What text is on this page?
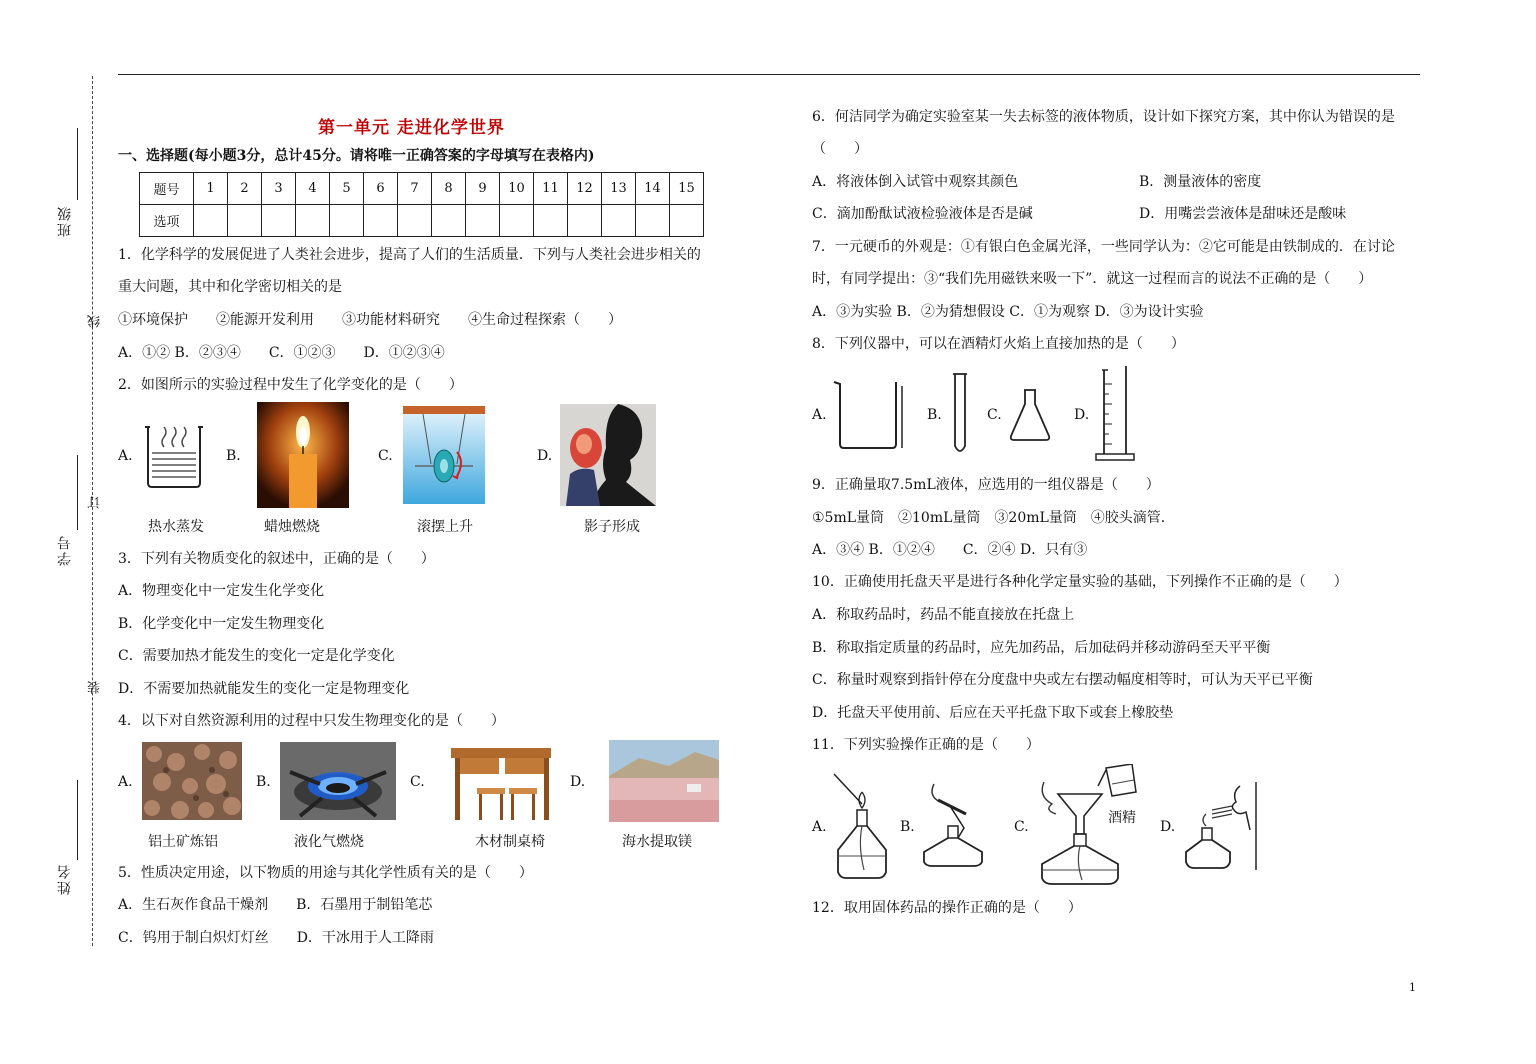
班级
线
学号
订
装
姓名
第一单元 走进化学世界
一、选择题(每小题3分，总计45分。请将唯一正确答案的字母填写在表格内)
题号	1	2	3	4	5	6	7	8	9	10	11	12	13	14	15
选项															
1．化学科学的发展促进了人类社会进步，提高了人们的生活质量．下列与人类社会进步相关的
重大问题，其中和化学密切相关的是
①环境保护　　②能源开发利用　　③功能材料研究　　④生命过程探索（　　）
A．①② B．②③④　　C．①②③　　D．①②③④
2．如图所示的实验过程中发生了化学变化的是（　　）
A.	B.	C.	D.
热水蒸发	蜡烛燃烧	滚摆上升	影子形成
3．下列有关物质变化的叙述中，正确的是（　　）
A．物理变化中一定发生化学变化
B．化学变化中一定发生物理变化
C．需要加热才能发生的变化一定是化学变化
D．不需要加热就能发生的变化一定是物理变化
4．以下对自然资源利用的过程中只发生物理变化的是（　　）
A.	B.	C.	D.
铝土矿炼铝	液化气燃烧	木材制桌椅	海水提取镁
5．性质决定用途，以下物质的用途与其化学性质有关的是（　　）
A．生石灰作食品干燥剂　　B．石墨用于制铅笔芯
C．钨用于制白炽灯灯丝　　D．干冰用于人工降雨
6．何洁同学为确定实验室某一失去标签的液体物质，设计如下探究方案，其中你认为错误的是
（　　）
A．将液体倒入试管中观察其颜色	B．测量液体的密度
C．滴加酚酞试液检验液体是否是碱	D．用嘴尝尝液体是甜味还是酸味
7．一元硬币的外观是：①有银白色金属光泽，一些同学认为：②它可能是由铁制成的．在讨论
时，有同学提出：③“我们先用磁铁来吸一下”．就这一过程而言的说法不正确的是（　　）
A．③为实验 B．②为猜想假设 C．①为观察 D．③为设计实验
8．下列仪器中，可以在酒精灯火焰上直接加热的是（　　）
A.	B.	C.	D.
9．正确量取7.5mL液体，应选用的一组仪器是（　　）
①5mL量筒　②10mL量筒　③20mL量筒　④胶头滴管．
A．③④ B．①②④　　C．②④ D．只有③
10．正确使用托盘天平是进行各种化学定量实验的基础，下列操作不正确的是（　　）
A．称取药品时，药品不能直接放在托盘上
B．称取指定质量的药品时，应先加药品，后加砝码并移动游码至天平平衡
C．称量时观察到指针停在分度盘中央或左右摆动幅度相等时，可认为天平已平衡
D．托盘天平使用前、后应在天平托盘下取下或套上橡胶垫
11．下列实验操作正确的是（　　）
A.	B.	C.
酒精
D.
12．取用固体药品的操作正确的是（　　）
1
